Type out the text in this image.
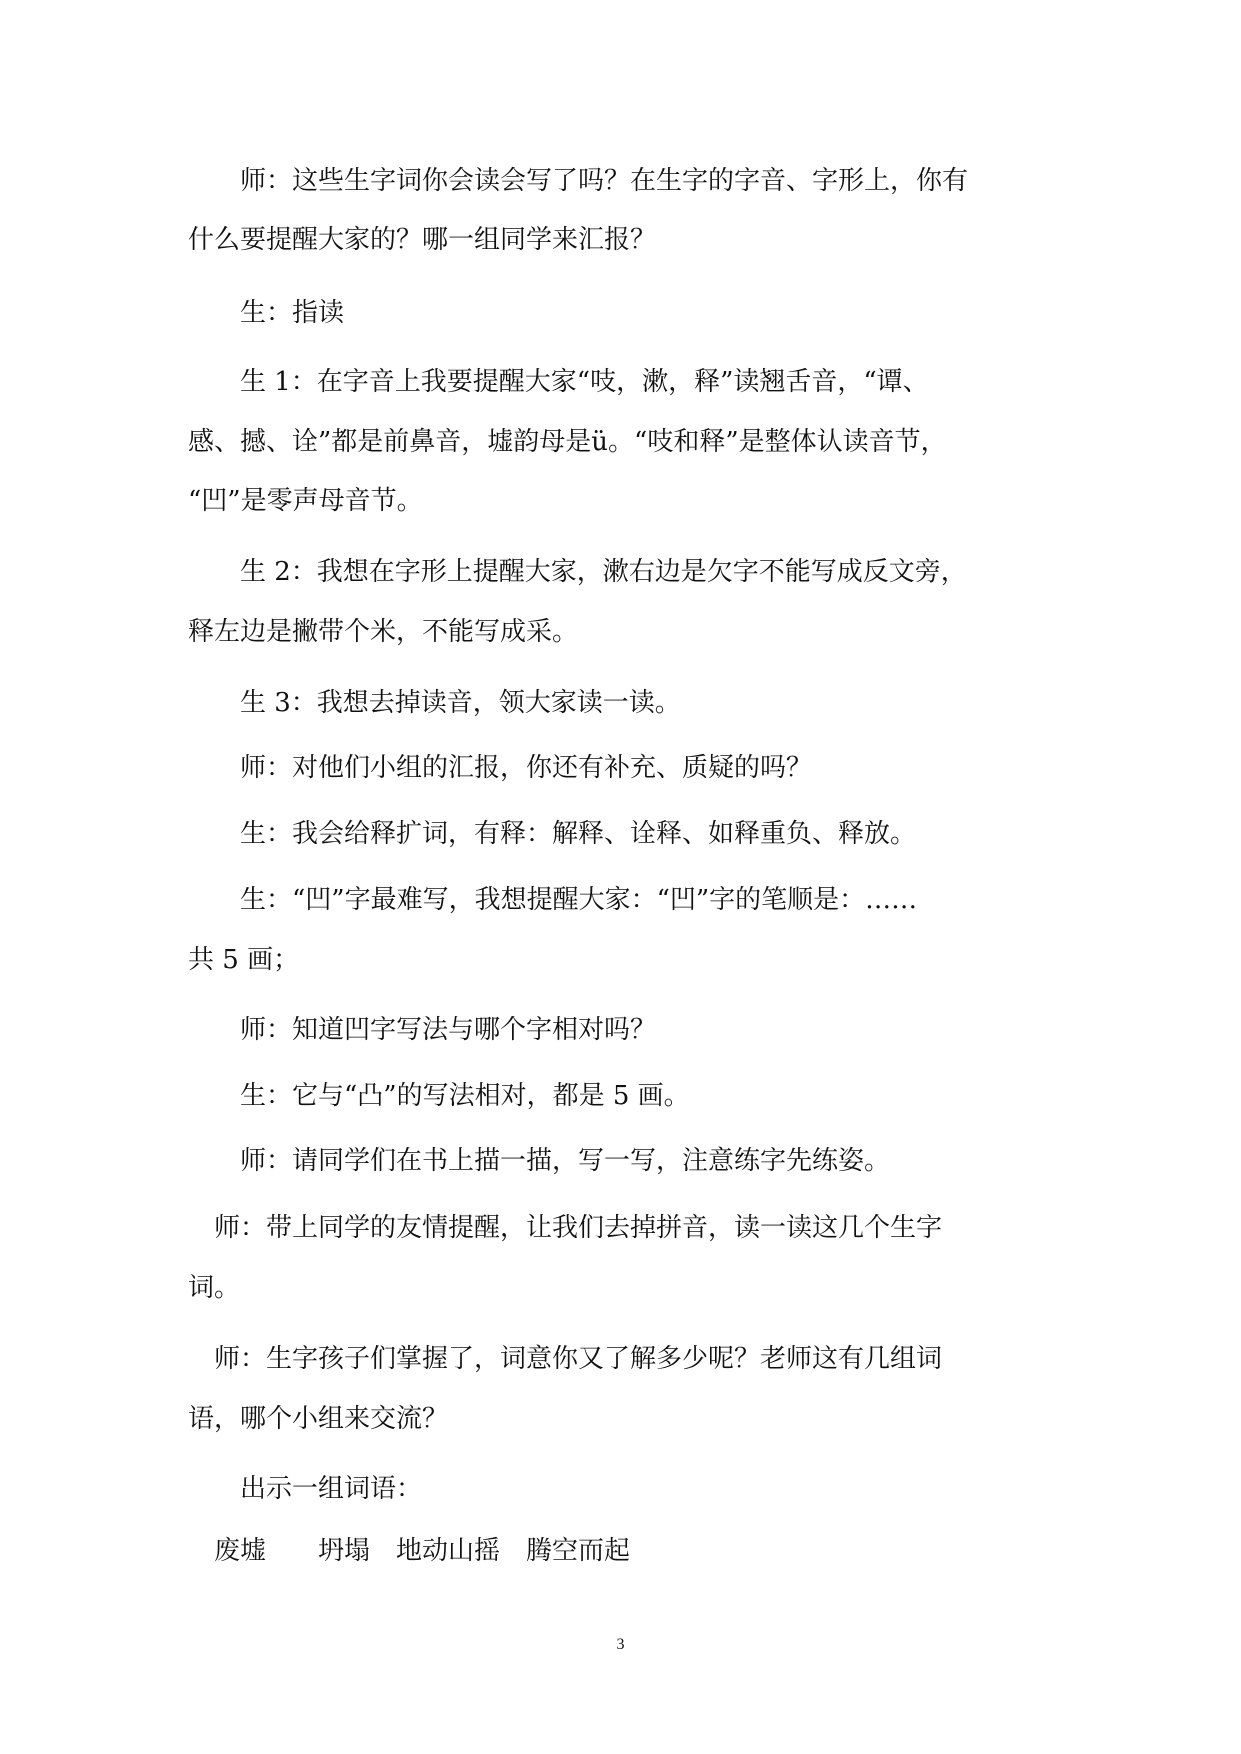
　　师：这些生字词你会读会写了吗？在生字的字音、字形上，你有
什么要提醒大家的？哪一组同学来汇报？
　　生：指读
　　生 1：在字音上我要提醒大家“吱，漱，释”读翘舌音，“谭、
感、撼、诠”都是前鼻音，墟韵母是ü。“吱和释”是整体认读音节，
“凹”是零声母音节。
　　生 2：我想在字形上提醒大家，漱右边是欠字不能写成反文旁，
释左边是撇带个米，不能写成采。
　　生 3：我想去掉读音，领大家读一读。
　　师：对他们小组的汇报，你还有补充、质疑的吗？
　　生：我会给释扩词，有释：解释、诠释、如释重负、释放。
　　生：“凹”字最难写，我想提醒大家：“凹”字的笔顺是：……
共 5 画；
　　师：知道凹字写法与哪个字相对吗？
　　生：它与“凸”的写法相对，都是 5 画。
　　师：请同学们在书上描一描，写一写，注意练字先练姿。
　师：带上同学的友情提醒，让我们去掉拼音，读一读这几个生字
词。
　师：生字孩子们掌握了，词意你又了解多少呢？老师这有几组词
语，哪个小组来交流？
　　出示一组词语：
　废墟　　坍塌　地动山摇　腾空而起
3
